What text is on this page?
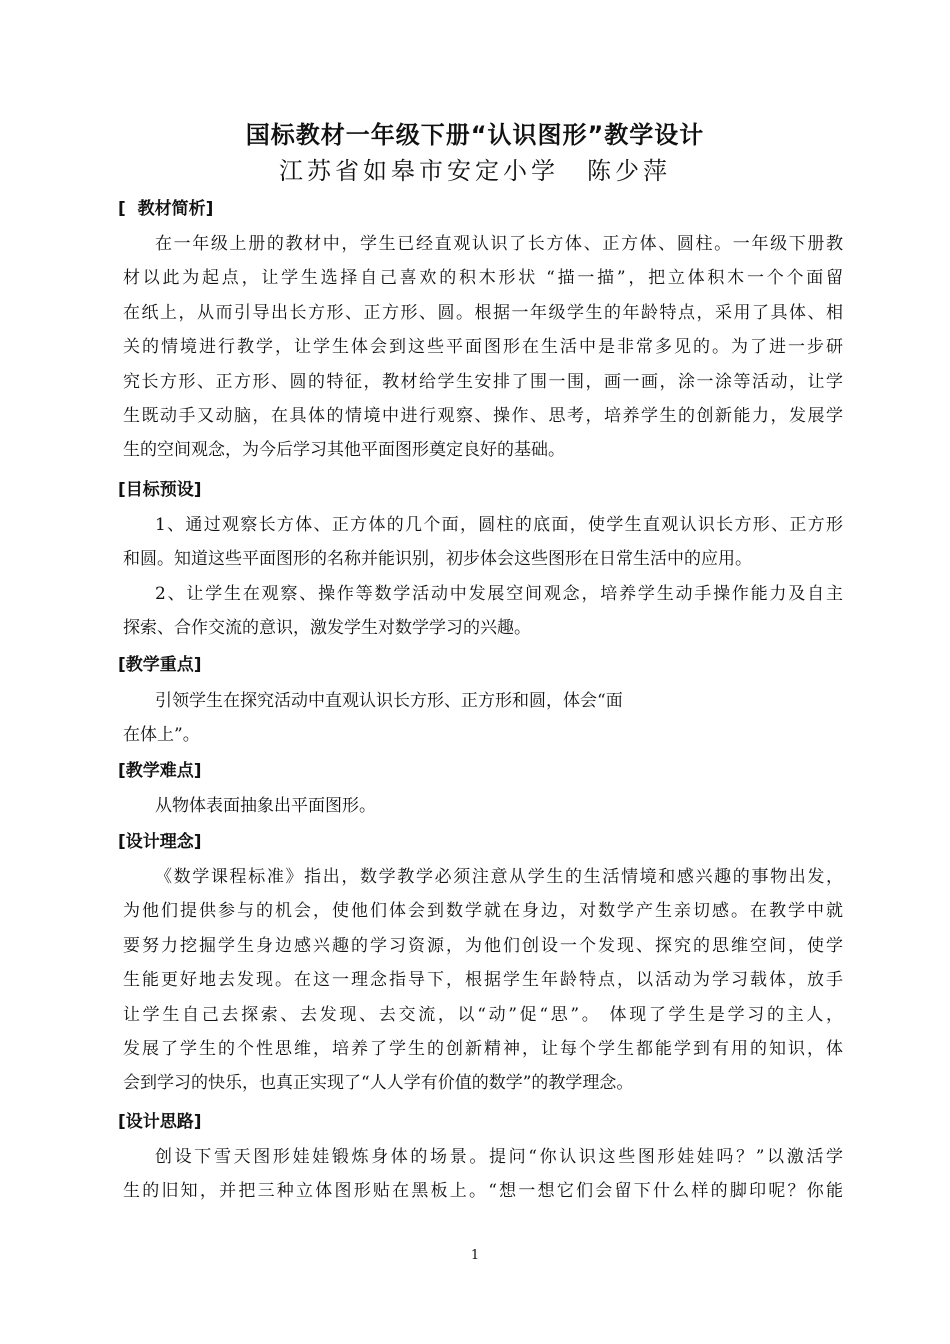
国标教材一年级下册“认识图形”教学设计
江苏省如皋市安定小学　陈少萍
[  教材简析]
在一年级上册的教材中，学生已经直观认识了长方体、正方体、圆柱。一年级下册教
材以此为起点，让学生选择自己喜欢的积木形状 “描一描”，把立体积木一个个面留
在纸上，从而引导出长方形、正方形、圆。根据一年级学生的年龄特点，采用了具体、相
关的情境进行教学，让学生体会到这些平面图形在生活中是非常多见的。为了进一步研
究长方形、正方形、圆的特征，教材给学生安排了围一围，画一画，涂一涂等活动，让学
生既动手又动脑，在具体的情境中进行观察、操作、思考，培养学生的创新能力，发展学
生的空间观念，为今后学习其他平面图形奠定良好的基础。
[目标预设]
1、通过观察长方体、正方体的几个面，圆柱的底面，使学生直观认识长方形、正方形
和圆。知道这些平面图形的名称并能识别，初步体会这些图形在日常生活中的应用。
2、让学生在观察、操作等数学活动中发展空间观念，培养学生动手操作能力及自主
探索、合作交流的意识，激发学生对数学学习的兴趣。
[教学重点]
引领学生在探究活动中直观认识长方形、正方形和圆，体会“面
在体上”。
[教学难点]
从物体表面抽象出平面图形。
[设计理念]
《数学课程标准》指出，数学教学必须注意从学生的生活情境和感兴趣的事物出发，
为他们提供参与的机会，使他们体会到数学就在身边，对数学产生亲切感。在教学中就
要努力挖掘学生身边感兴趣的学习资源，为他们创设一个发现、探究的思维空间，使学
生能更好地去发现。在这一理念指导下，根据学生年龄特点，以活动为学习载体，放手
让学生自己去探索、去发现、去交流，以“动”促“思”。 体现了学生是学习的主人，
发展了学生的个性思维，培养了学生的创新精神，让每个学生都能学到有用的知识，体
会到学习的快乐，也真正实现了“人人学有价值的数学”的教学理念。
[设计思路]
创设下雪天图形娃娃锻炼身体的场景。提问“你认识这些图形娃娃吗？”以激活学
生的旧知，并把三种立体图形贴在黑板上。“想一想它们会留下什么样的脚印呢？你能
1
